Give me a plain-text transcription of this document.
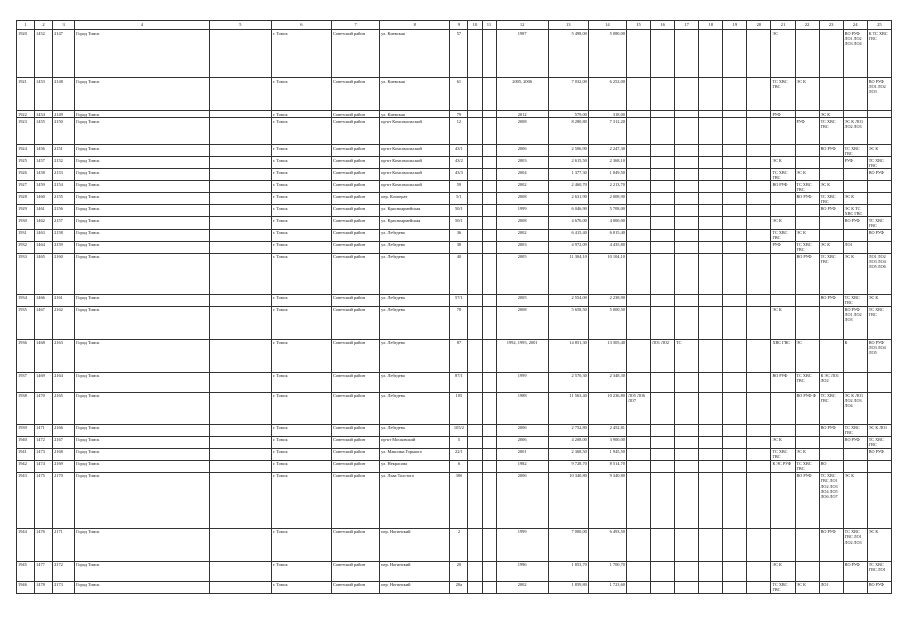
1	2	3	4	5	6	7	8	9	10	11	12	13	14	15	16	17	18	19	20	21	22	23	24	25
1920	1452	2147	Город Томск		г. Томск	Советский район	ул. Киевская	57			1987	5 498,00	5 080,00							ЭС			ВО РУФ ЛО1 ЛО2 ЛО3 ЛО4	К ТС ХВС ГВС
1921	1453	2148	Город Томск		г. Томск	Советский район	ул. Киевская	61			2005, 2006	7 032,00	6 252,00							ТС ХВС ГВС	ЭС К			ВО РУФ ЛО1 ЛО2 ЛО3
1922	1454	2149	Город Томск		г. Томск	Советский район	ул. Киевская	79			2012	579,00	318,00							РУФ		ЭС К		
1923	1455	2150	Город Томск		г. Томск	Советский район	пр-кт Комсомольский	12			2008	8 280,80	7 312,20								РУФ	ТС ХВС ГВС	ЭС К ЛО1 ЛО2 ЛО3	
1924	1456	2151	Город Томск		г. Томск	Советский район	пр-кт Комсомольский	43/1			2006	2 506,90	2 247,30									ВО РУФ	ТС ХВС ГВС	ЭС К
1925	1457	2152	Город Томск		г. Томск	Советский район	пр-кт Комсомольский	43/2			2003	2 615,50	2 368,10							ЭС К			РУФ	ТС ХВС ГВС
1926	1458	2153	Город Томск		г. Томск	Советский район	пр-кт Комсомольский	43/3			2004	1 377,30	1 049,50							ТС ХВС ГВС	ЭС К			ВО РУФ
1927	1459	2154	Город Томск		г. Томск	Советский район	пр-кт Комсомольский	59			2002	2 460,70	2 213,70							ВО РУФ	ТС ХВС ГВС	ЭС К		
1928	1460	2155	Город Томск		г. Томск	Советский район	пер. Кооперат	5/1			2008	2 631,90	2 008,90								ВО РУФ	ТС ХВС ГВС	ЭС К	
1929	1461	2156	Город Томск		г. Томск	Советский район	ул. Красноармейская	50/1			1999	6 046,90	5 708,00									ВО РУФ	ЭС К ТС ХВС ГВС	
1930	1462	2157	Город Томск		г. Томск	Советский район	ул. Красноармейская	50/1			2008	4 676,00	4 000,00							ЭС К			ВО РУФ	ТС ХВС ГВС
1931	1463	2158	Город Томск		г. Томск	Советский район	ул. Лебедева	36			2002	6 415,40	6 015,40							ТС ХВС ГВС	ЭС К			ВО РУФ
1932	1464	2159	Город Томск		г. Томск	Советский район	ул. Лебедева	38			2003	4 972,09	4 435,80							РУФ	ТС ХВС ГВС	ЭС К	ЛО1	
1933	1465	2160	Город Томск		г. Томск	Советский район	ул. Лебедева	40			2005	11 304,10	10 104,10								ВО РУФ	ТС ХВС ГВС	ЭС К	ЛО1 ЛО2 ЛО3 ЛО4 ЛО5 ЛО6
1934	1466	2161	Город Томск		г. Томск	Советский район	ул. Лебедева	57/1			2005	2 554,00	2 238,90									ВО РУФ	ТС ХВС ГВС	ЭС К
1935	1467	2162	Город Томск		г. Томск	Советский район	ул. Лебедева	78			2008	5 658,50	5 000,50							ЭС К			ВО РУФ ЛО1 ЛО2 ЛО3	ТС ХВС ГВС
1936	1468	2163	Город Томск		г. Томск	Советский район	ул. Лебедева	87			1992, 1995, 2001	14 851,30	13 305,40		ЛО1 ЛО2	ТС				ХВС ГВС	ЭС		К	ВО РУФ ЛО3 ЛО4 ЛО5
1937	1469	2164	Город Томск		г. Томск	Советский район	ул. Лебедева	87/1			1999	2 570,30	2 348,30							ВО РУФ	ТС ХВС ГВС	К ЭС ЛО1 ЛО2		
1938	1470	2165	Город Томск		г. Томск	Советский район	ул. Лебедева	105			1988	11 563,40	10 236,80	ЛО5 ЛО6 ЛО7							ВО РУФ Ф	ТС ХВС ГВС	ЭС К ЛО1 ЛО2 ЛО3 ЛО4	
1939	1471	2166	Город Томск		г. Томск	Советский район	ул. Лебедева	105/2			2006	2 752,80	2 452,81									ВО РУФ	ТС ХВС ГВС	ЭС К ЛО1
1940	1472	2167	Город Томск		г. Томск	Советский район	пр-кт Московский	5			2006	4 208,00	3 900,00							ЭС К			ВО РУФ	ТС ХВС ГВС
1941	1473	2168	Город Томск		г. Томск	Советский район	ул. Максима Горького	22/1			2001	2 368,50	1 945,50							ТС ХВС ГВС	ЭС К			ВО РУФ
1942	1474	2169	Город Томск		г. Томск	Советский район	ул. Некрасова	6			1982	9 728,70	8 514,70							К ЭС РУФ	ТС ХВС ГВС	ВО		
1943	1475	2170	Город Томск		г. Томск	Советский район	ул. Льва Толстого	38б			2006	10 340,80	9 340,80								ВО РУФ	ТС ХВС ГВС ЛО1 ЛО2 ЛО3 ЛО4 ЛО5 ЛО6 ЛО7	ЭС К	
1944	1476	2171	Город Томск		г. Томск	Советский район	пер. Ногинский	2			1999	7 000,00	6 493,50									ВО РУФ	ТС ХВС ГВС ЛО1 ЛО2 ЛО3	ЭС К
1945	1477	2172	Город Томск		г. Томск	Советский район	пер. Ногинский	20			1996	1 853,70	1 700,70							ЭС К			ВО РУФ	ТС ХВС ГВС ЛО1
1946	1478	2173	Город Томск		г. Томск	Советский район	пер. Ногинский	20а			2002	1 859,80	1 723,60							ТС ХВС ГВС	ЭС К	ЛО1		ВО РУФ
